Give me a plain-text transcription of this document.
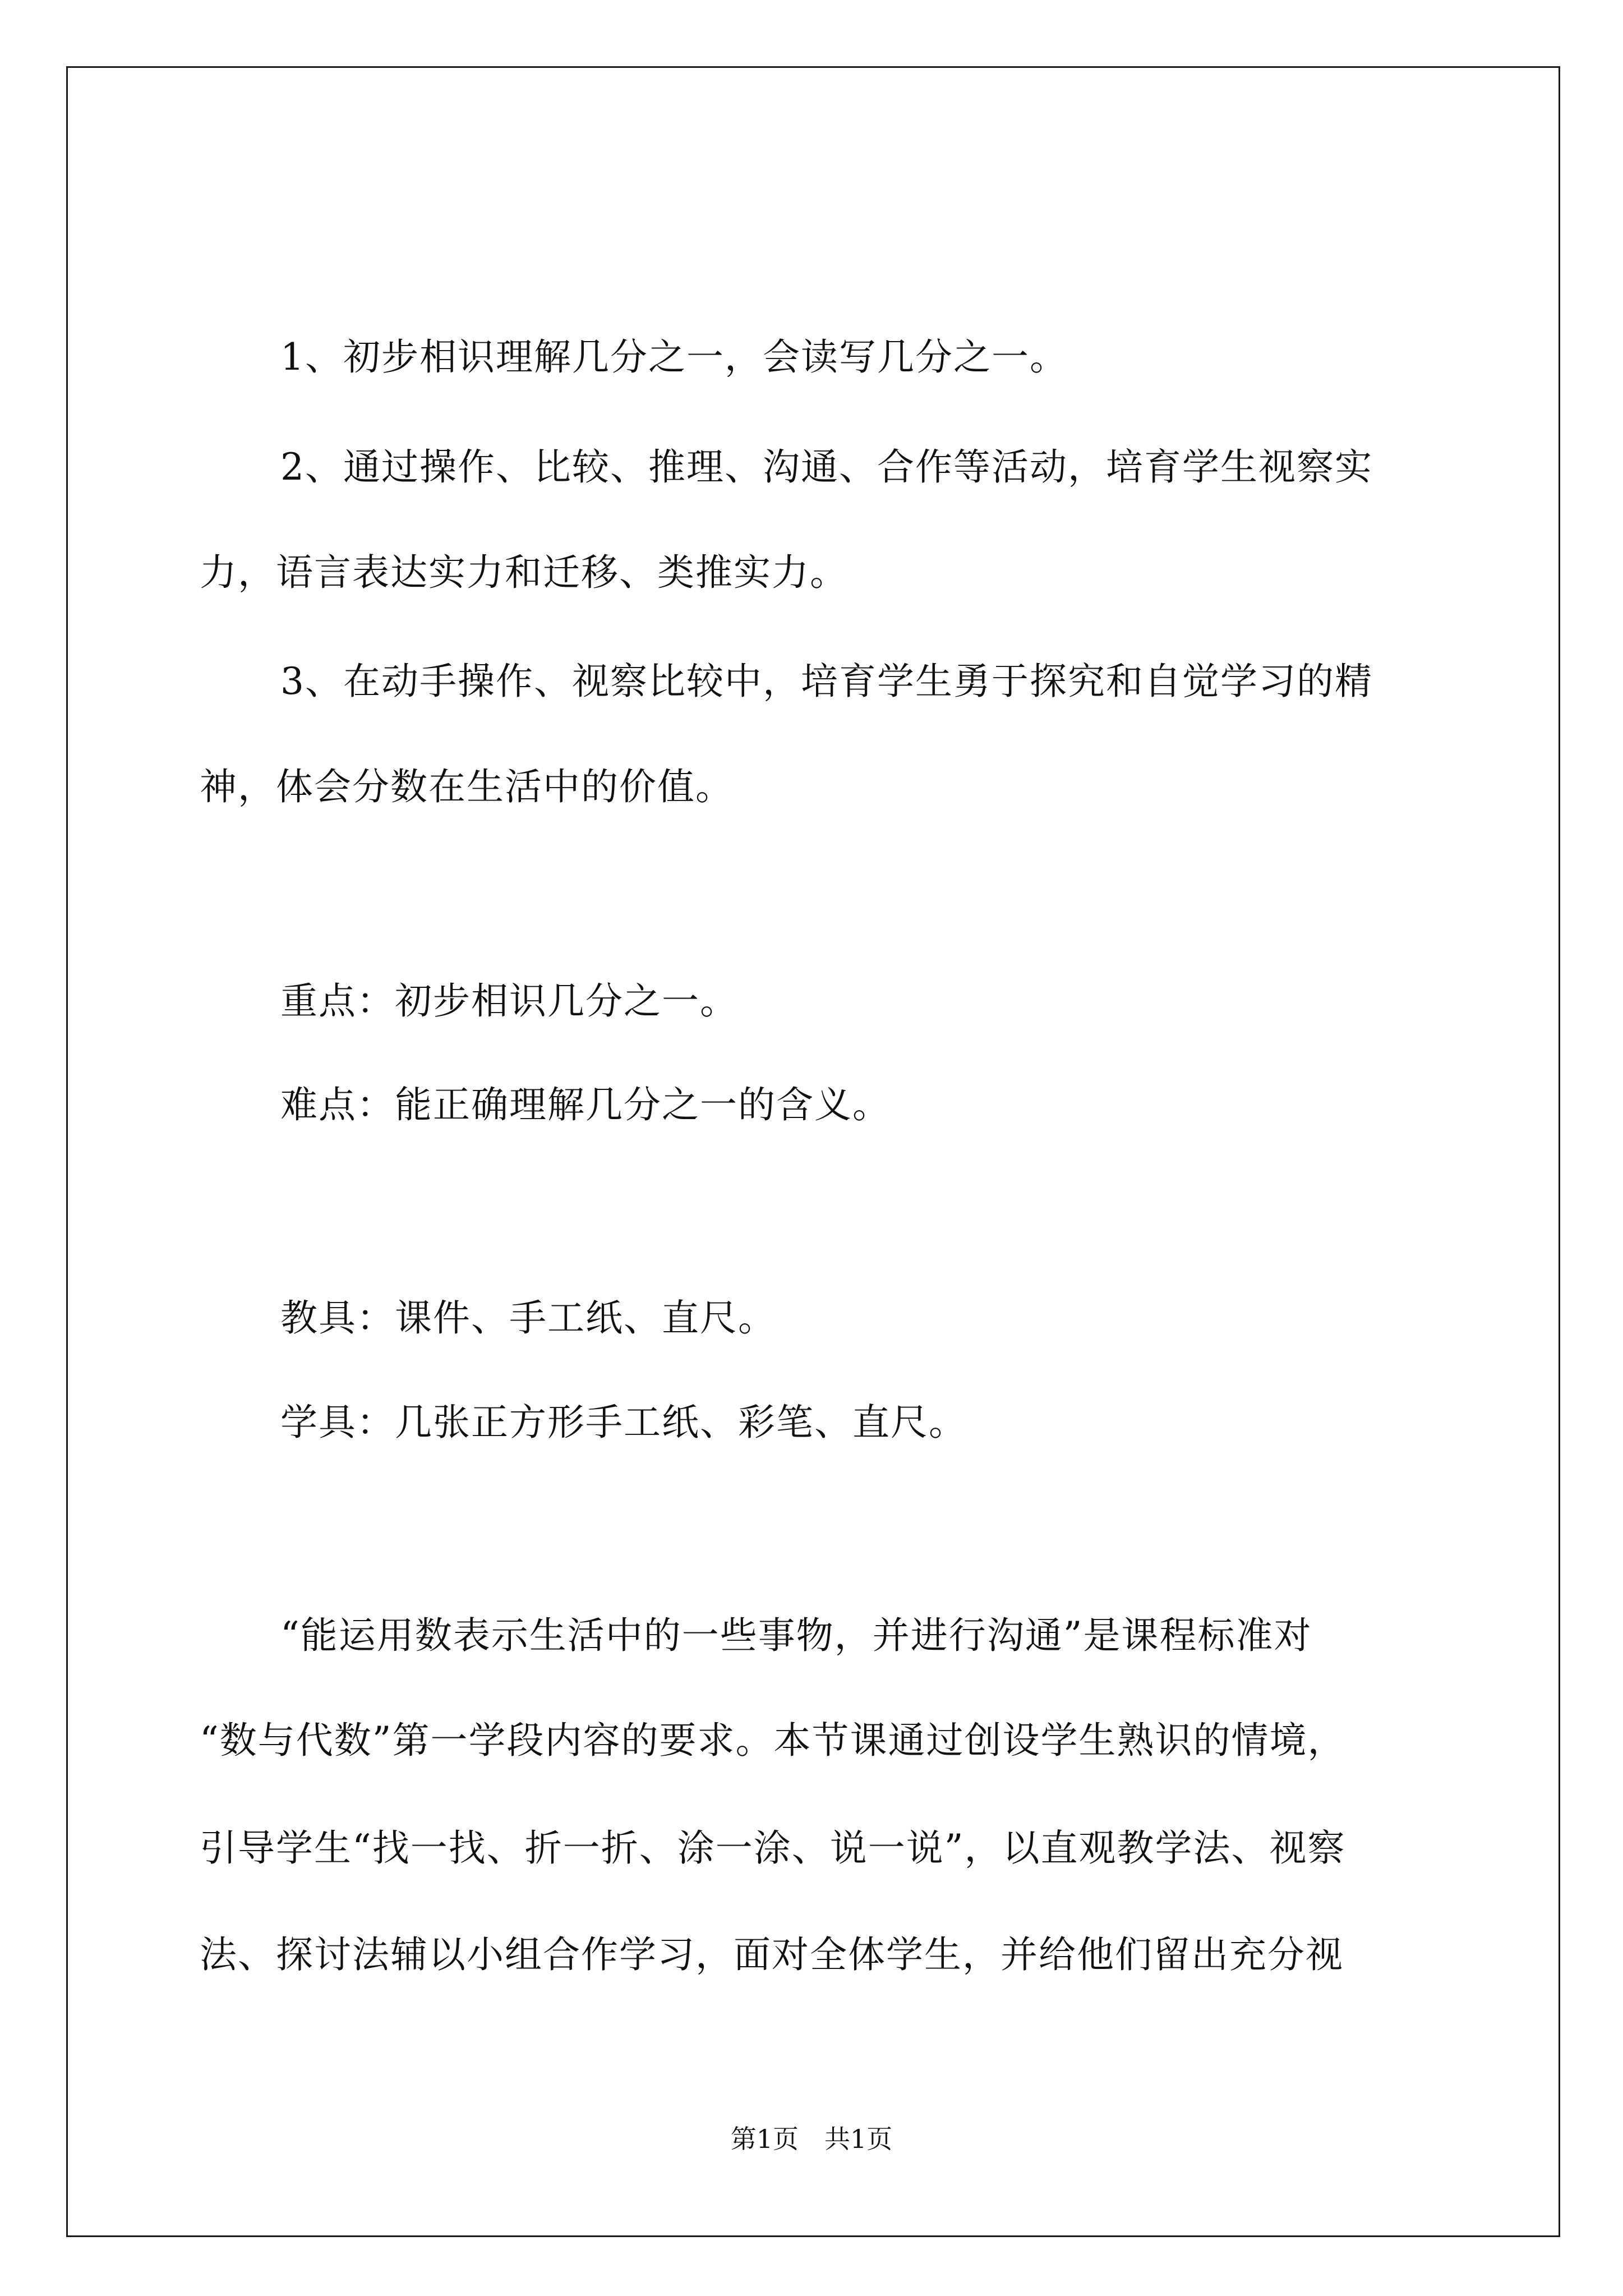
1、初步相识理解几分之一，会读写几分之一。
2、通过操作、比较、推理、沟通、合作等活动，培育学生视察实
力，语言表达实力和迁移、类推实力。
3、在动手操作、视察比较中，培育学生勇于探究和自觉学习的精
神，体会分数在生活中的价值。
重点：初步相识几分之一。
难点：能正确理解几分之一的含义。
教具：课件、手工纸、直尺。
学具：几张正方形手工纸、彩笔、直尺。
“能运用数表示生活中的一些事物，并进行沟通”是课程标准对
“数与代数”第一学段内容的要求。本节课通过创设学生熟识的情境，
引导学生“找一找、折一折、涂一涂、说一说”，以直观教学法、视察
法、探讨法辅以小组合作学习，面对全体学生，并给他们留出充分视
第1页　共1页
